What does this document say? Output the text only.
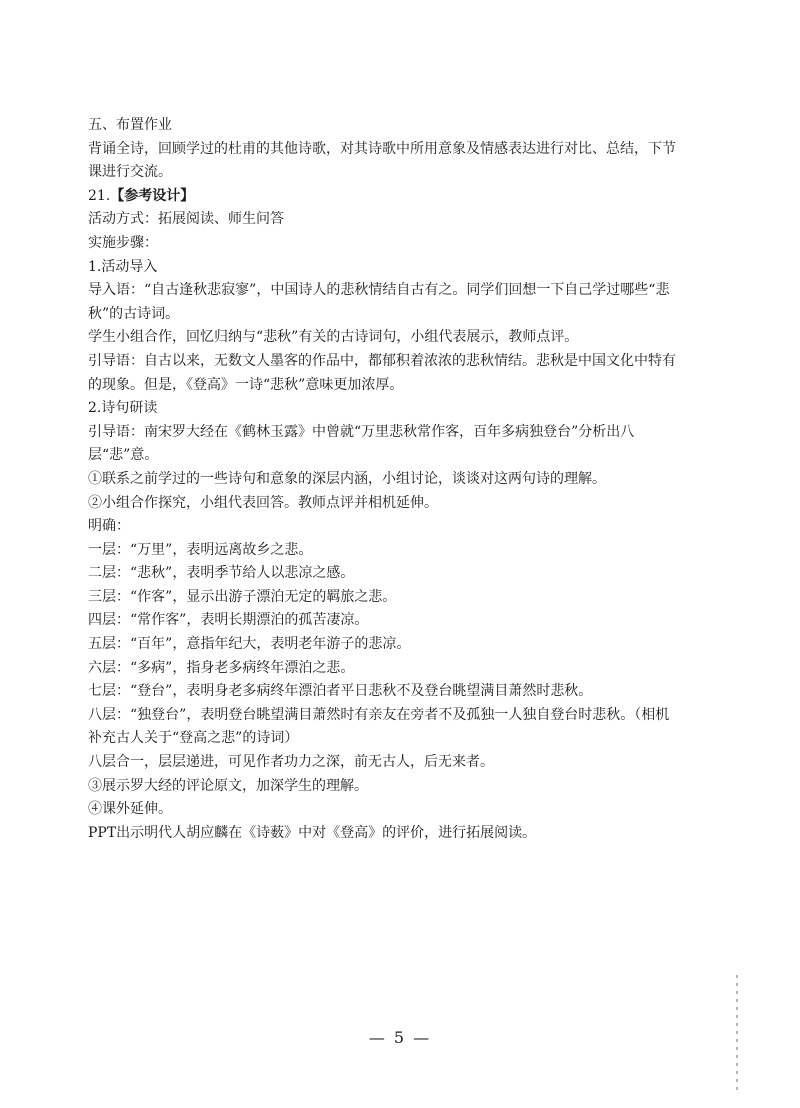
五、布置作业

背诵全诗，回顾学过的杜甫的其他诗歌，对其诗歌中所用意象及情感表达进行对比、总结，下节课进行交流。

21.【参考设计】

活动方式：拓展阅读、师生问答

实施步骤：

1.活动导入

导入语：“自古逢秋悲寂寥”，中国诗人的悲秋情结自古有之。同学们回想一下自己学过哪些“悲秋”的古诗词。

学生小组合作，回忆归纳与“悲秋”有关的古诗词句，小组代表展示，教师点评。

引导语：自古以来，无数文人墨客的作品中，都郁积着浓浓的悲秋情结。悲秋是中国文化中特有的现象。但是，《登高》一诗“悲秋”意味更加浓厚。

2.诗句研读

引导语：南宋罗大经在《鹤林玉露》中曾就“万里悲秋常作客，百年多病独登台”分析出八层“悲”意。

①联系之前学过的一些诗句和意象的深层内涵，小组讨论，谈谈对这两句诗的理解。

②小组合作探究，小组代表回答。教师点评并相机延伸。

明确：

一层：“万里”，表明远离故乡之悲。

二层：“悲秋”，表明季节给人以悲凉之感。

三层：“作客”，显示出游子漂泊无定的羁旅之悲。

四层：“常作客”，表明长期漂泊的孤苦凄凉。

五层：“百年”，意指年纪大，表明老年游子的悲凉。

六层：“多病”，指身老多病终年漂泊之悲。

七层：“登台”，表明身老多病终年漂泊者平日悲秋不及登台眺望满目萧然时悲秋。

八层：“独登台”，表明登台眺望满目萧然时有亲友在旁者不及孤独一人独自登台时悲秋。（相机补充古人关于“登高之悲”的诗词）

八层合一，层层递进，可见作者功力之深，前无古人，后无来者。

③展示罗大经的评论原文，加深学生的理解。

④课外延伸。

PPT出示明代人胡应麟在《诗薮》中对《登高》的评价，进行拓展阅读。

— 5 —
